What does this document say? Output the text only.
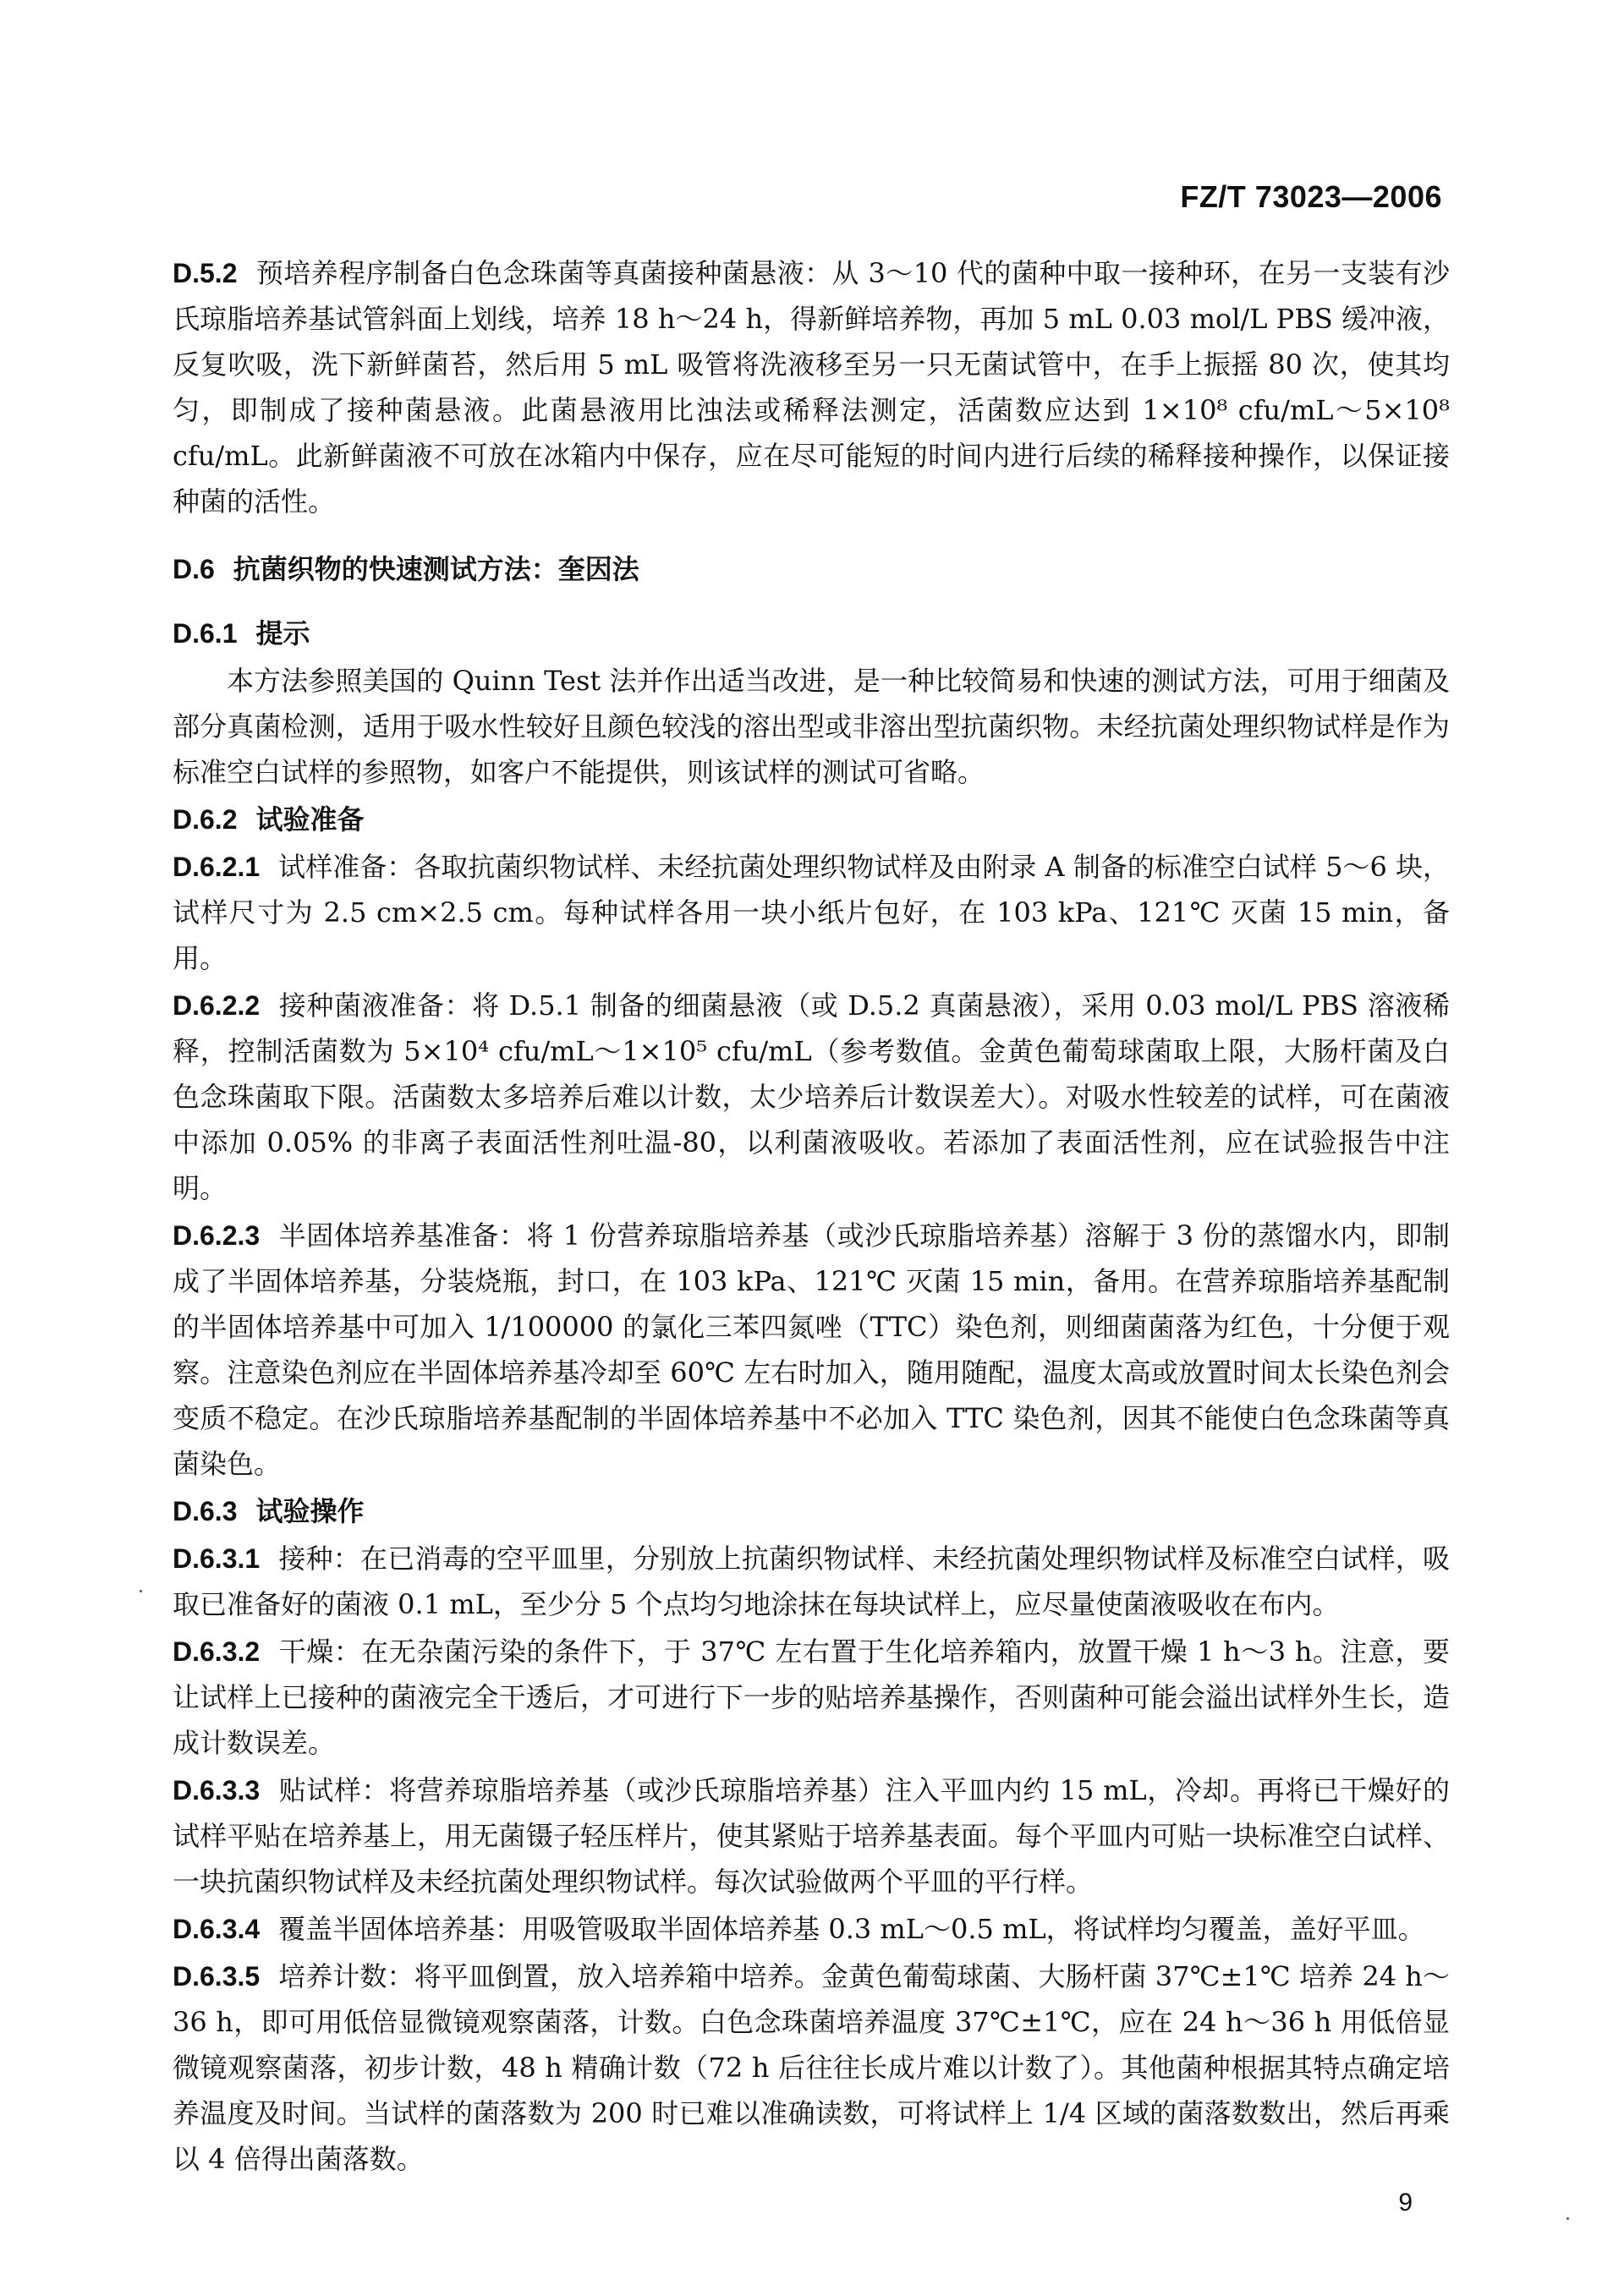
FZ/T 73023—2006

D.5.2 预培养程序制备白色念珠菌等真菌接种菌悬液：从 3～10 代的菌种中取一接种环，在另一支装有沙氏琼脂培养基试管斜面上划线，培养 18 h～24 h，得新鲜培养物，再加 5 mL 0.03 mol/L PBS 缓冲液，反复吹吸，洗下新鲜菌苔，然后用 5 mL 吸管将洗液移至另一只无菌试管中，在手上振摇 80 次，使其均匀，即制成了接种菌悬液。此菌悬液用比浊法或稀释法测定，活菌数应达到 1×10⁸ cfu/mL～5×10⁸ cfu/mL。此新鲜菌液不可放在冰箱内中保存，应在尽可能短的时间内进行后续的稀释接种操作，以保证接种菌的活性。

D.6 抗菌织物的快速测试方法：奎因法

D.6.1 提示

本方法参照美国的 Quinn Test 法并作出适当改进，是一种比较简易和快速的测试方法，可用于细菌及部分真菌检测，适用于吸水性较好且颜色较浅的溶出型或非溶出型抗菌织物。未经抗菌处理织物试样是作为标准空白试样的参照物，如客户不能提供，则该试样的测试可省略。

D.6.2 试验准备

D.6.2.1 试样准备：各取抗菌织物试样、未经抗菌处理织物试样及由附录 A 制备的标准空白试样 5～6 块，试样尺寸为 2.5 cm×2.5 cm。每种试样各用一块小纸片包好，在 103 kPa、121℃ 灭菌 15 min，备用。

D.6.2.2 接种菌液准备：将 D.5.1 制备的细菌悬液（或 D.5.2 真菌悬液），采用 0.03 mol/L PBS 溶液稀释，控制活菌数为 5×10⁴ cfu/mL～1×10⁵ cfu/mL（参考数值。金黄色葡萄球菌取上限，大肠杆菌及白色念珠菌取下限。活菌数太多培养后难以计数，太少培养后计数误差大）。对吸水性较差的试样，可在菌液中添加 0.05% 的非离子表面活性剂吐温-80，以利菌液吸收。若添加了表面活性剂，应在试验报告中注明。

D.6.2.3 半固体培养基准备：将 1 份营养琼脂培养基（或沙氏琼脂培养基）溶解于 3 份的蒸馏水内，即制成了半固体培养基，分装烧瓶，封口，在 103 kPa、121℃ 灭菌 15 min，备用。在营养琼脂培养基配制的半固体培养基中可加入 1/100000 的氯化三苯四氮唑（TTC）染色剂，则细菌菌落为红色，十分便于观察。注意染色剂应在半固体培养基冷却至 60℃ 左右时加入，随用随配，温度太高或放置时间太长染色剂会变质不稳定。在沙氏琼脂培养基配制的半固体培养基中不必加入 TTC 染色剂，因其不能使白色念珠菌等真菌染色。

D.6.3 试验操作

D.6.3.1 接种：在已消毒的空平皿里，分别放上抗菌织物试样、未经抗菌处理织物试样及标准空白试样，吸取已准备好的菌液 0.1 mL，至少分 5 个点均匀地涂抹在每块试样上，应尽量使菌液吸收在布内。

D.6.3.2 干燥：在无杂菌污染的条件下，于 37℃ 左右置于生化培养箱内，放置干燥 1 h～3 h。注意，要让试样上已接种的菌液完全干透后，才可进行下一步的贴培养基操作，否则菌种可能会溢出试样外生长，造成计数误差。

D.6.3.3 贴试样：将营养琼脂培养基（或沙氏琼脂培养基）注入平皿内约 15 mL，冷却。再将已干燥好的试样平贴在培养基上，用无菌镊子轻压样片，使其紧贴于培养基表面。每个平皿内可贴一块标准空白试样、一块抗菌织物试样及未经抗菌处理织物试样。每次试验做两个平皿的平行样。

D.6.3.4 覆盖半固体培养基：用吸管吸取半固体培养基 0.3 mL～0.5 mL，将试样均匀覆盖，盖好平皿。

D.6.3.5 培养计数：将平皿倒置，放入培养箱中培养。金黄色葡萄球菌、大肠杆菌 37℃±1℃ 培养 24 h～36 h，即可用低倍显微镜观察菌落，计数。白色念珠菌培养温度 37℃±1℃，应在 24 h～36 h 用低倍显微镜观察菌落，初步计数，48 h 精确计数（72 h 后往往长成片难以计数了）。其他菌种根据其特点确定培养温度及时间。当试样的菌落数为 200 时已难以准确读数，可将试样上 1/4 区域的菌落数数出，然后再乘以 4 倍得出菌落数。

9
